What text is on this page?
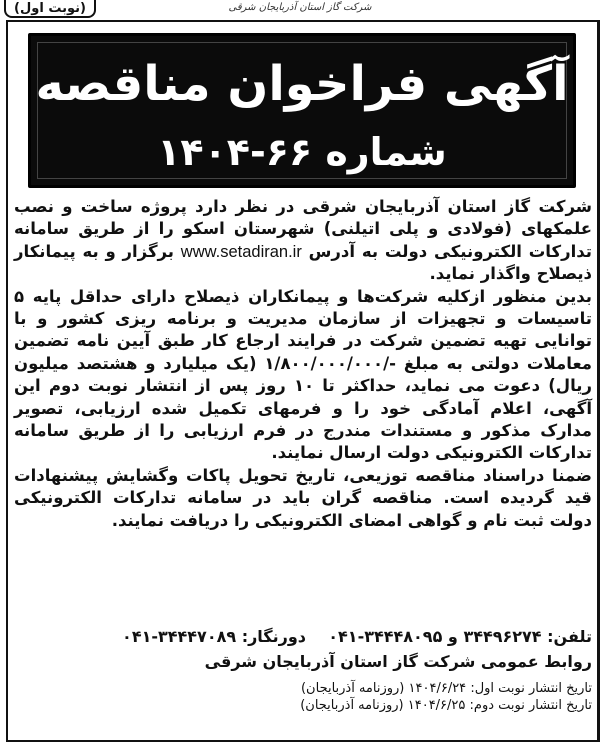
(نوبت اول)	شرکت گاز استان آذربایجان شرقی
آگهی فراخوان مناقصه
شماره ۶۶-۱۴۰۴

شرکت گاز استان آذربایجان شرقی در نظر دارد پروژه ساخت و نصب علمکهای (فولادی و پلی اتیلنی) شهرستان اسکو را از طریق سامانه تدارکات الکترونیکی دولت به آدرس www.setadiran.ir برگزار و به پیمانکار ذیصلاح واگذار نماید.

بدین منظور ازکلیه شرکت‌ها و پیمانکاران ذیصلاح دارای حداقل پایه ۵ تاسیسات و تجهیزات از سازمان مدیریت و برنامه ریزی کشور و با توانایی تهیه تضمین شرکت در فرایند ارجاع کار طبق آیین نامه تضمین معاملات دولتی به مبلغ -/۱/۸۰۰/۰۰۰/۰۰۰ (یک میلیارد و هشتصد میلیون ریال) دعوت می نماید، حداکثر تا ۱۰ روز پس از انتشار نوبت دوم این آگهی، اعلام آمادگی خود را و فرمهای تکمیل شده ارزیابی، تصویر مدارک مذکور و مستندات مندرج در فرم ارزیابی را از طریق سامانه تدارکات الکترونیکی دولت ارسال نمایند.

ضمنا دراسناد مناقصه توزیعی، تاریخ تحویل پاکات وگشایش پیشنهادات قید گردیده است. مناقصه گران باید در سامانه تدارکات الکترونیکی دولت ثبت نام و گواهی امضای الکترونیکی را دریافت نمایند.

تلفن: ۳۴۴۹۶۲۷۴ و ۰۴۱-۳۴۴۴۸۰۹۵    دورنگار: ۰۴۱-۳۴۴۴۷۰۸۹
روابط عمومی شرکت گاز استان آذربایجان شرقی
تاریخ انتشار نوبت اول: ۱۴۰۴/۶/۲۴ (روزنامه آذربایجان)
تاریخ انتشار نوبت دوم: ۱۴۰۴/۶/۲۵ (روزنامه آذربایجان)
